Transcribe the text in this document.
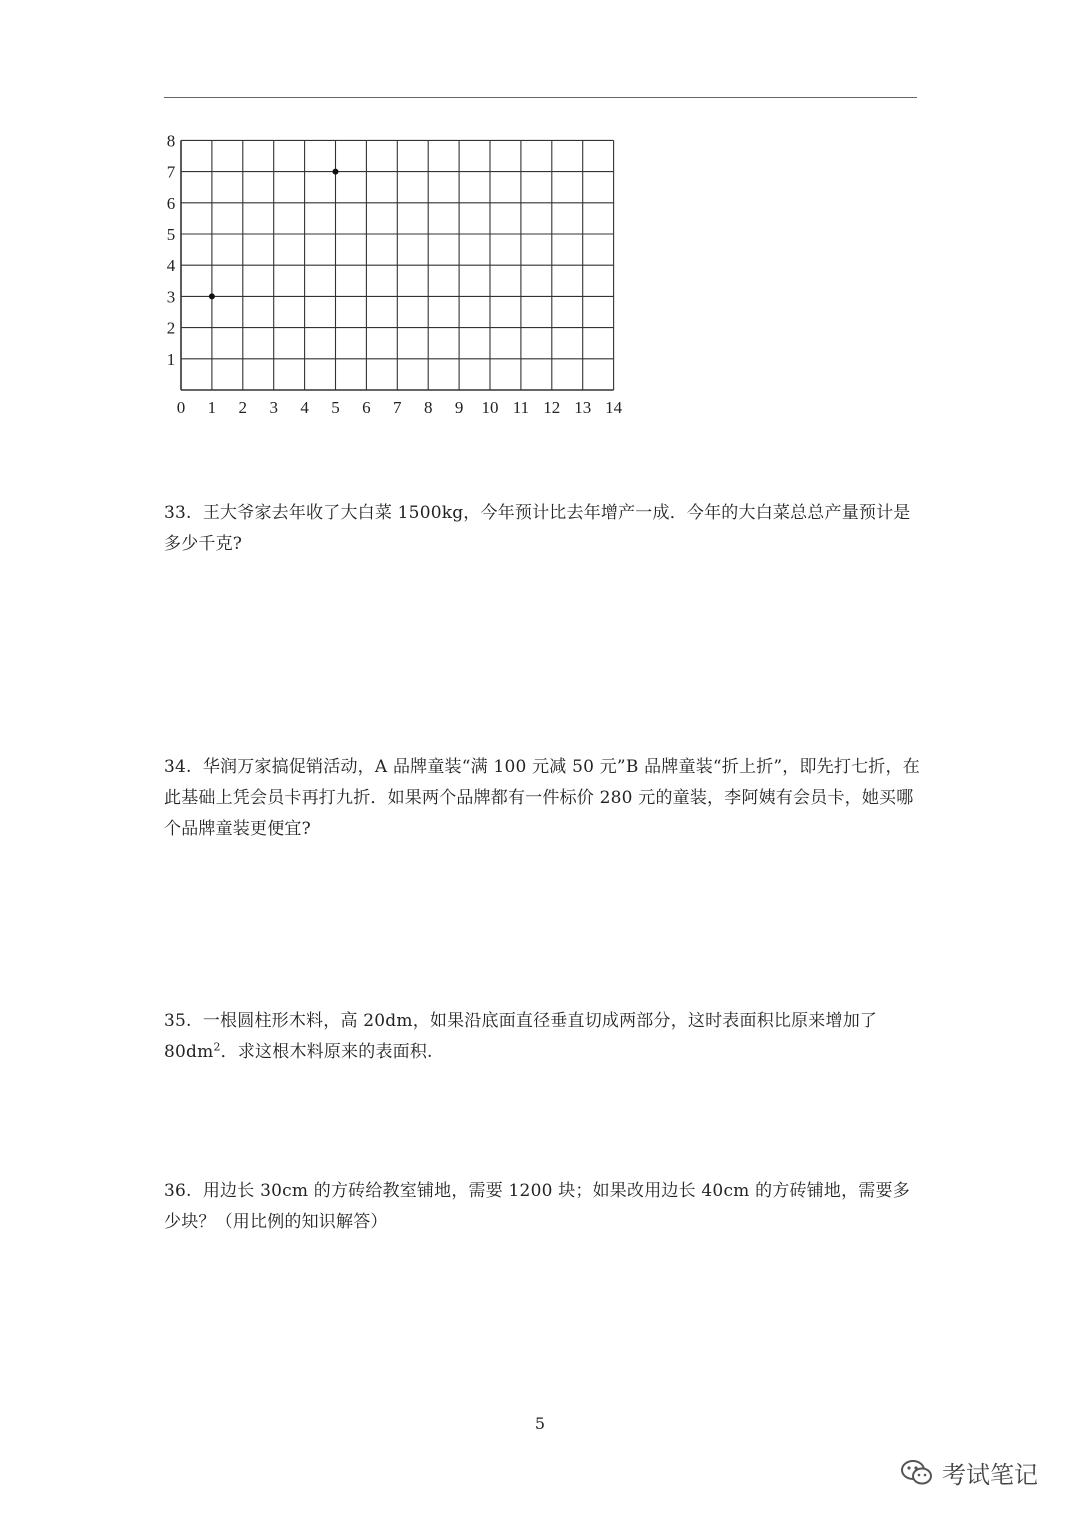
0 1 2 3 4 5 6 7 8 9 10 11 12 13 14
1
2
3
4
5
6
7
8
33. 王大爷家去年收了大白菜 1500kg，今年预计比去年增产一成．今年的大白菜总总产量预计是多少千克?
34. 华润万家搞促销活动，A 品牌童装“满 100 元减 50 元”B 品牌童装“折上折”，即先打七折，在此基础上凭会员卡再打九折．如果两个品牌都有一件标价 280 元的童装，李阿姨有会员卡，她买哪个品牌童装更便宜?
35. 一根圆柱形木料，高 20dm，如果沿底面直径垂直切成两部分，这时表面积比原来增加了 $80dm^2$．求这根木料原来的表面积.
36. 用边长 30cm 的方砖给教室铺地，需要 1200 块；如果改用边长 40cm 的方砖铺地，需要多少块？（用比例的知识解答）
5
考试笔记
